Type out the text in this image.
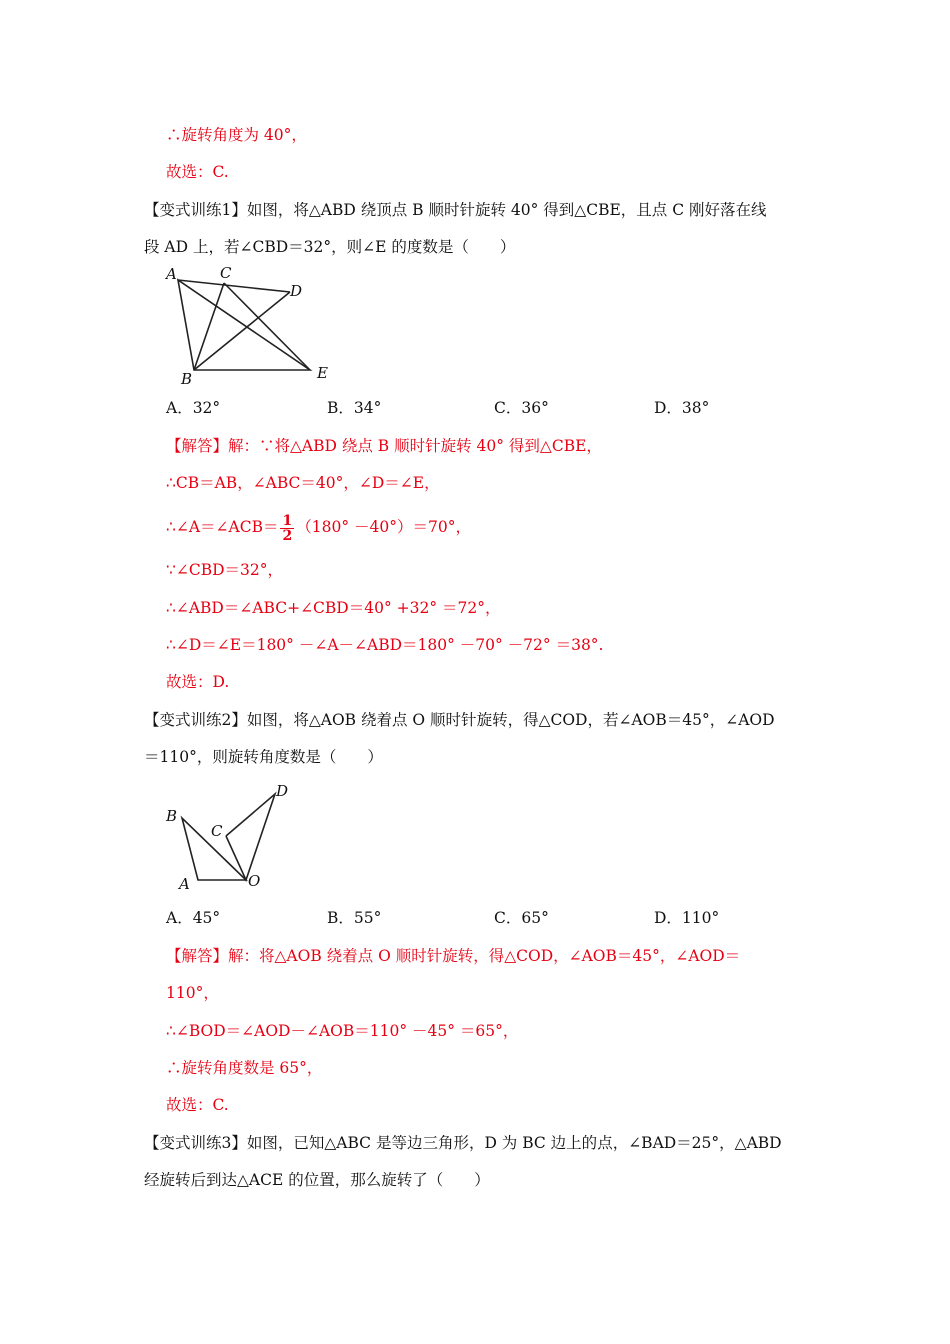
∴旋转角度为 40°，
故选：C.
【变式训练1】如图，将△ABD 绕顶点 B 顺时针旋转 40° 得到△CBE，且点 C 刚好落在线
段 AD 上，若∠CBD＝32°，则∠E 的度数是（　　）
A	C
D
B	E
A．32°	B．34°	C．36°	D．38°
【解答】解：∵将△ABD 绕点 B 顺时针旋转 40° 得到△CBE，
∴CB＝AB，∠ABC＝40°，∠D＝∠E，
∴∠A＝∠ACB＝ $\frac{1}{2} (180^\circ -40^\circ)=70^\circ$，
∵∠CBD＝32°，
∴∠ABD＝∠ABC+∠CBD＝40° +32° ＝72°，
∴∠D＝∠E＝180° －∠A－∠ABD＝180° －70° －72° ＝38°.
故选：D.
【变式训练2】如图，将△AOB 绕着点 O 顺时针旋转，得△COD，若∠AOB＝45°，∠AOD
＝110°，则旋转角度数是（　　）
B
C
D
A	O
A．45°	B．55°	C．65°	D．110°
【解答】解：将△AOB 绕着点 O 顺时针旋转，得△COD，∠AOB＝45°，∠AOD＝
110°，
∴∠BOD＝∠AOD－∠AOB＝110° －45° ＝65°，
∴旋转角度数是 65°，
故选：C.
【变式训练3】如图，已知△ABC 是等边三角形，D 为 BC 边上的点，∠BAD＝25°，△ABD
经旋转后到达△ACE 的位置，那么旋转了（　　）
